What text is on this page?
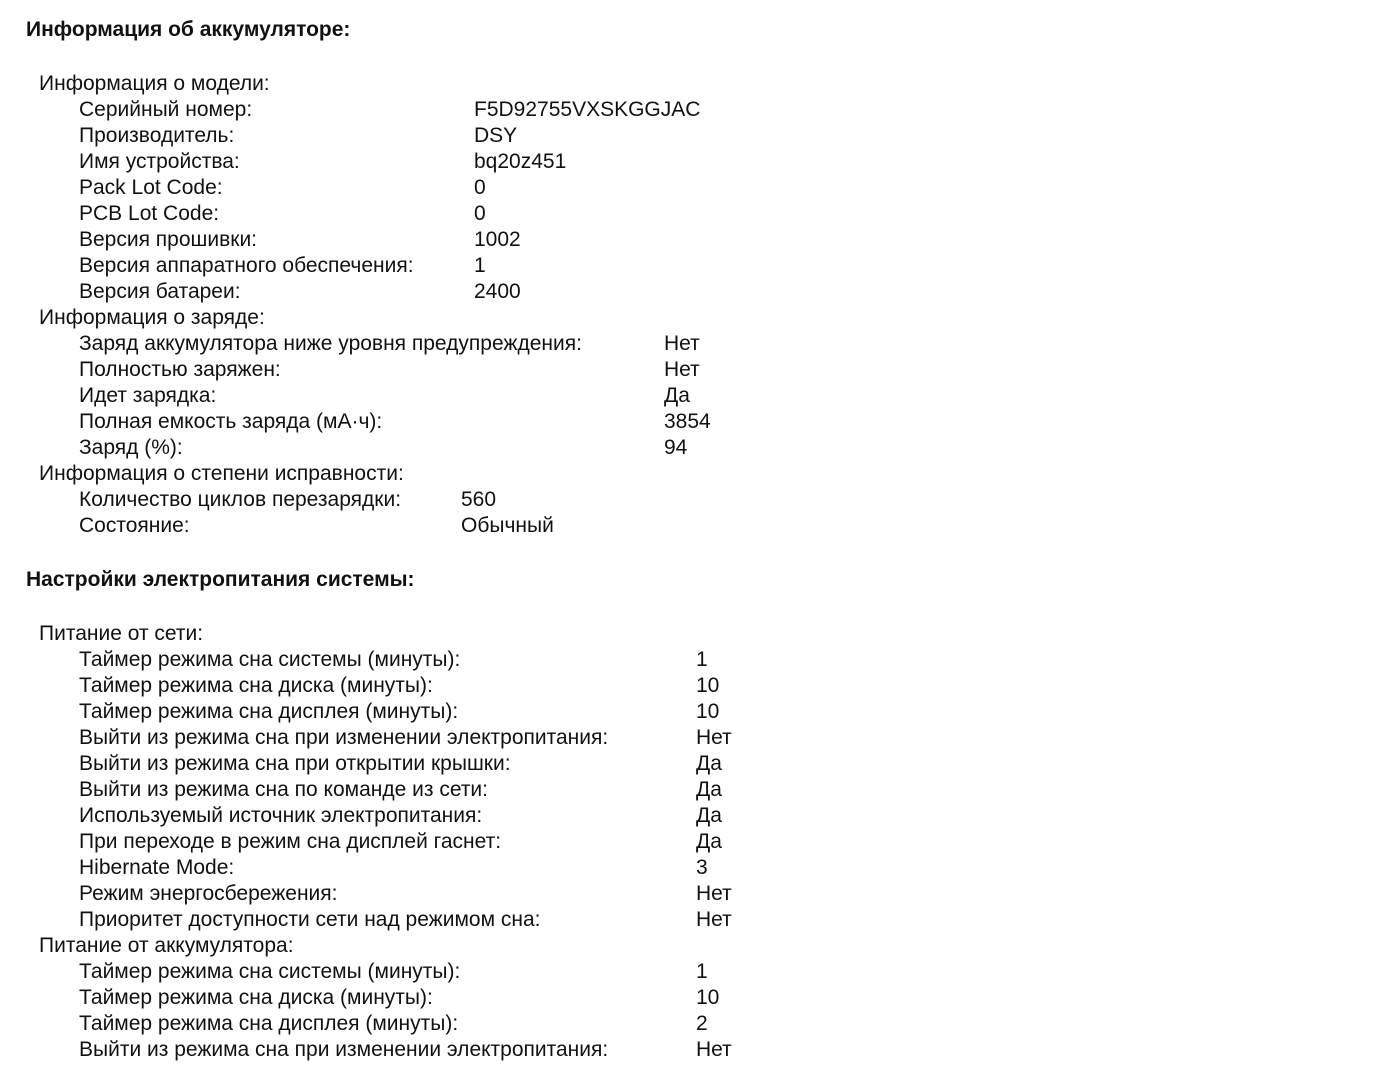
Информация об аккумуляторе:
Информация о модели:
Серийный номер:	F5D92755VXSKGGJAC
Производитель:	DSY
Имя устройства:	bq20z451
Pack Lot Code:	0
PCB Lot Code:	0
Версия прошивки:	1002
Версия аппаратного обеспечения:	1
Версия батареи:	2400
Информация о заряде:
Заряд аккумулятора ниже уровня предупреждения:	Нет
Полностью заряжен:	Нет
Идет зарядка:	Да
Полная емкость заряда (мА·ч):	3854
Заряд (%):	94
Информация о степени исправности:
Количество циклов перезарядки:	560
Состояние:	Обычный
Настройки электропитания системы:
Питание от сети:
Таймер режима сна системы (минуты):	1
Таймер режима сна диска (минуты):	10
Таймер режима сна дисплея (минуты):	10
Выйти из режима сна при изменении электропитания:	Нет
Выйти из режима сна при открытии крышки:	Да
Выйти из режима сна по команде из сети:	Да
Используемый источник электропитания:	Да
При переходе в режим сна дисплей гаснет:	Да
Hibernate Mode:	3
Режим энергосбережения:	Нет
Приоритет доступности сети над режимом сна:	Нет
Питание от аккумулятора:
Таймер режима сна системы (минуты):	1
Таймер режима сна диска (минуты):	10
Таймер режима сна дисплея (минуты):	2
Выйти из режима сна при изменении электропитания:	Нет
